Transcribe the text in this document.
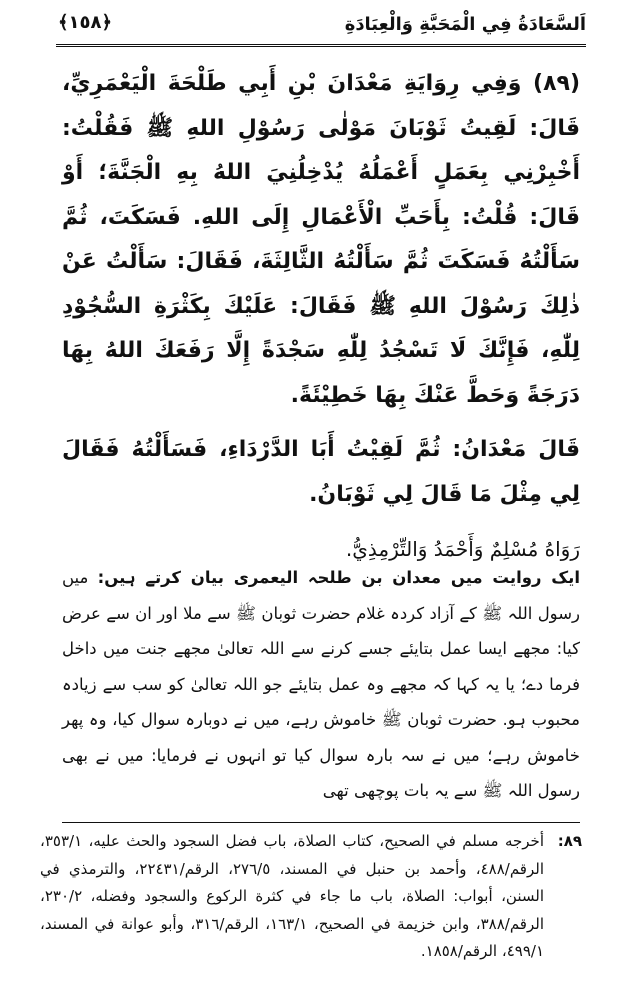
اَلسَّعَادَةُ فِي الْمَحَبَّةِ وَالْعِبَادَةِ
﴿١٥٨﴾

(٨٩) وَفِي رِوَايَةِ مَعْدَانَ بْنِ أَبِي طَلْحَةَ الْيَعْمَرِيِّ، قَالَ: لَقِيتُ ثَوْبَانَ مَوْلٰى رَسُوْلِ اللهِ ﷺ فَقُلْتُ: أَخْبِرْنِي بِعَمَلٍ أَعْمَلُهُ يُدْخِلُنِيَ اللهُ بِهِ الْجَنَّةَ؛ أَوْ قَالَ: قُلْتُ: بِأَحَبِّ الْأَعْمَالِ إِلَى اللهِ. فَسَكَتَ، ثُمَّ سَأَلْتُهُ فَسَكَتَ ثُمَّ سَأَلْتُهُ الثَّالِثَةَ، فَقَالَ: سَأَلْتُ عَنْ ذٰلِكَ رَسُوْلَ اللهِ ﷺ فَقَالَ: عَلَيْكَ بِكَثْرَةِ السُّجُوْدِ لِلّٰهِ، فَإِنَّكَ لَا تَسْجُدُ لِلّٰهِ سَجْدَةً إِلَّا رَفَعَكَ اللهُ بِهَا دَرَجَةً وَحَطَّ عَنْكَ بِهَا خَطِيْئَةً.

قَالَ مَعْدَانُ: ثُمَّ لَقِيْتُ أَبَا الدَّرْدَاءِ، فَسَأَلْتُهُ فَقَالَ لِي مِثْلَ مَا قَالَ لِي ثَوْبَانُ.

رَوَاهُ مُسْلِمٌ وَأَحْمَدُ وَالتِّرْمِذِيُّ.

ایک روایت میں معدان بن طلحہ الیعمری بیان کرتے ہیں: میں رسول اللہ ﷺ کے آزاد کردہ غلام حضرت ثوبان ﷺ سے ملا اور ان سے عرض کیا: مجھے ایسا عمل بتایئے جسے کرنے سے اللہ تعالیٰ مجھے جنت میں داخل فرما دے؛ یا یہ کہا کہ مجھے وہ عمل بتایئے جو اللہ تعالیٰ کو سب سے زیادہ محبوب ہو. حضرت ثوبان ﷺ خاموش رہے، میں نے دوبارہ سوال کیا، وہ پھر خاموش رہے؛ میں نے سہ بارہ سوال کیا تو انہوں نے فرمایا: میں نے بھی رسول اللہ ﷺ سے یہ بات پوچھی تھی
٨٩:
أخرجه مسلم في الصحيح، كتاب الصلاة، باب فضل السجود والحث عليه، ٣٥٣/١، الرقم/٤٨٨، وأحمد بن حنبل في المسند، ٢٧٦/٥، الرقم/٢٢٤٣١، والترمذي في السنن، أبواب: الصلاة، باب ما جاء في كثرة الركوع والسجود وفضله، ٢٣٠/٢، الرقم/٣٨٨، وابن خزيمة في الصحيح، ١٦٣/١، الرقم/٣١٦، وأبو عوانة في المسند، ٤٩٩/١، الرقم/١٨٥٨.
